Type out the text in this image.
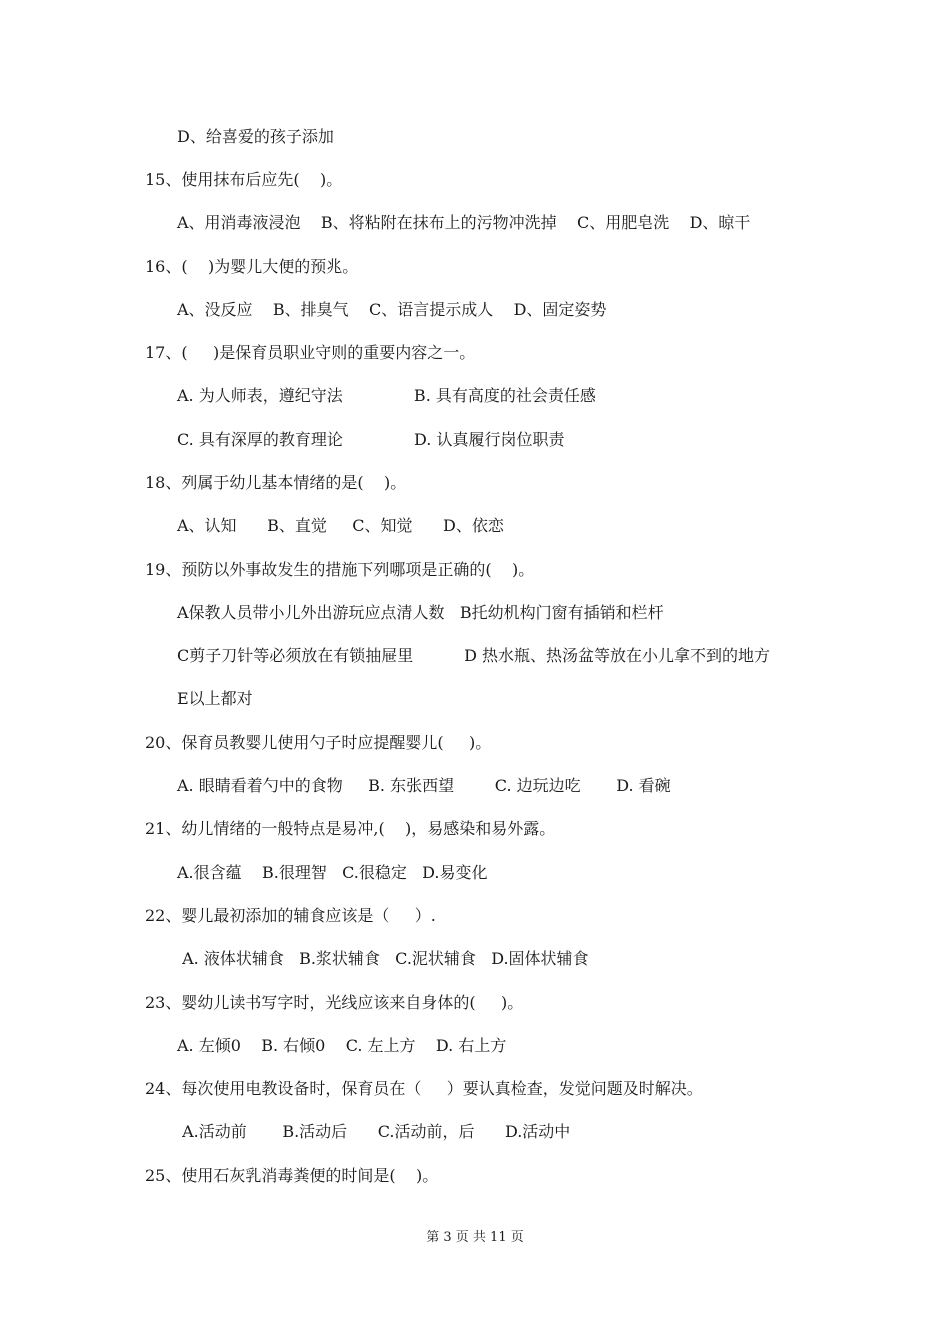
D、给喜爱的孩子添加
15、使用抹布后应先(    )。
A、用消毒液浸泡    B、将粘附在抹布上的污物冲洗掉    C、用肥皂洗    D、晾干
16、(    )为婴儿大便的预兆。
A、没反应    B、排臭气    C、语言提示成人    D、固定姿势
17、(     )是保育员职业守则的重要内容之一。
A. 为人师表，遵纪守法              B. 具有高度的社会责任感
C. 具有深厚的教育理论              D. 认真履行岗位职责
18、列属于幼儿基本情绪的是(    )。
A、认知      B、直觉     C、知觉      D、依恋
19、预防以外事故发生的措施下列哪项是正确的(    )。
A保教人员带小儿外出游玩应点清人数   B托幼机构门窗有插销和栏杆
C剪子刀针等必须放在有锁抽屉里          D 热水瓶、热汤盆等放在小儿拿不到的地方
E以上都对
20、保育员教婴儿使用勺子时应提醒婴儿(     )。
A. 眼睛看着勺中的食物     B. 东张西望        C. 边玩边吃       D. 看碗
21、幼儿情绪的一般特点是易冲,(    )，易感染和易外露。
A.很含蕴    B.很理智   C.很稳定   D.易变化
22、婴儿最初添加的辅食应该是（     ）.
A. 液体状辅食   B.浆状辅食   C.泥状辅食   D.固体状辅食
23、婴幼儿读书写字时，光线应该来自身体的(     )。
A. 左倾0    B. 右倾0    C. 左上方    D. 右上方
24、每次使用电教设备时，保育员在（     ）要认真检查，发觉问题及时解决。
A.活动前       B.活动后      C.活动前，后      D.活动中
25、使用石灰乳消毒粪便的时间是(    )。
第 3 页 共 11 页
